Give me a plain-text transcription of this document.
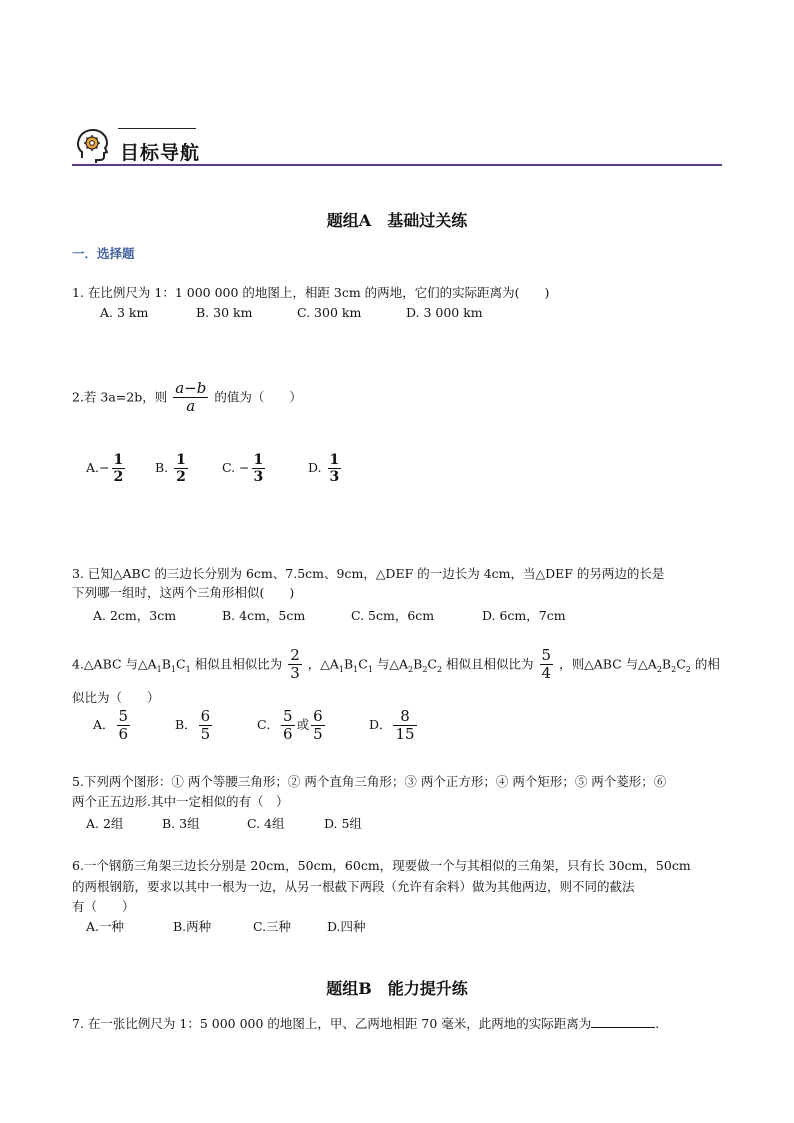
目标导航
题组A　基础过关练
一．选择题
1. 在比例尺为 1：1 000 000 的地图上，相距 3cm 的两地，它们的实际距离为(　　)
A. 3 km	B. 30 km	C. 300 km	D. 3 000 km
2.若 3a=2b，则 $\frac{a-b}{a}$ 的值为（　　）
$A.- \frac{1}{2} B$. $\frac{1}{2}$	C. − $\frac{1}{3}$	D. $\frac{1}{3}$
3. 已知△ABC 的三边长分别为 6cm、7.5cm、9cm，△DEF 的一边长为 4cm，当△DEF 的另两边的长是
下列哪一组时，这两个三角形相似(　　)
A. 2cm，3cm	B. 4cm，5cm	C. 5cm，6cm	D. 6cm，7cm
4.△ABC 与$\triangle A_1B_1C_1$ 相似且相似比为 $\frac{2}{3}$ ，$\triangle A_1B_1C_1$ 与$\triangle A_2B_2C_2$ 相似且相似比为 $\frac{5}{4}$ ，则△ABC 与$\triangle A_2B_2C_2$ 的相
似比为（　　）
A． $\frac{5}{6}$	B． $\frac{6}{5}$	C． $\frac{5}{6}$ 或 $\frac{6}{5}$	D． $\frac{8}{15}$
5.下列两个图形：① 两个等腰三角形；② 两个直角三角形；③ 两个正方形；④ 两个矩形；⑤ 两个菱形；⑥
两个正五边形.其中一定相似的有（　）
A. 2组	B. 3组	C. 4组	D. 5组
6.一个钢筋三角架三边长分别是 20cm，50cm，60cm，现要做一个与其相似的三角架，只有长 30cm，50cm
的两根钢筋，要求以其中一根为一边，从另一根截下两段（允许有余料）做为其他两边，则不同的截法
有（　　）
A.一种	B.两种	C.三种	D.四种
题组B　能力提升练
7. 在一张比例尺为 1：5 000 000 的地图上，甲、乙两地相距 70 毫米，此两地的实际距离为	.
